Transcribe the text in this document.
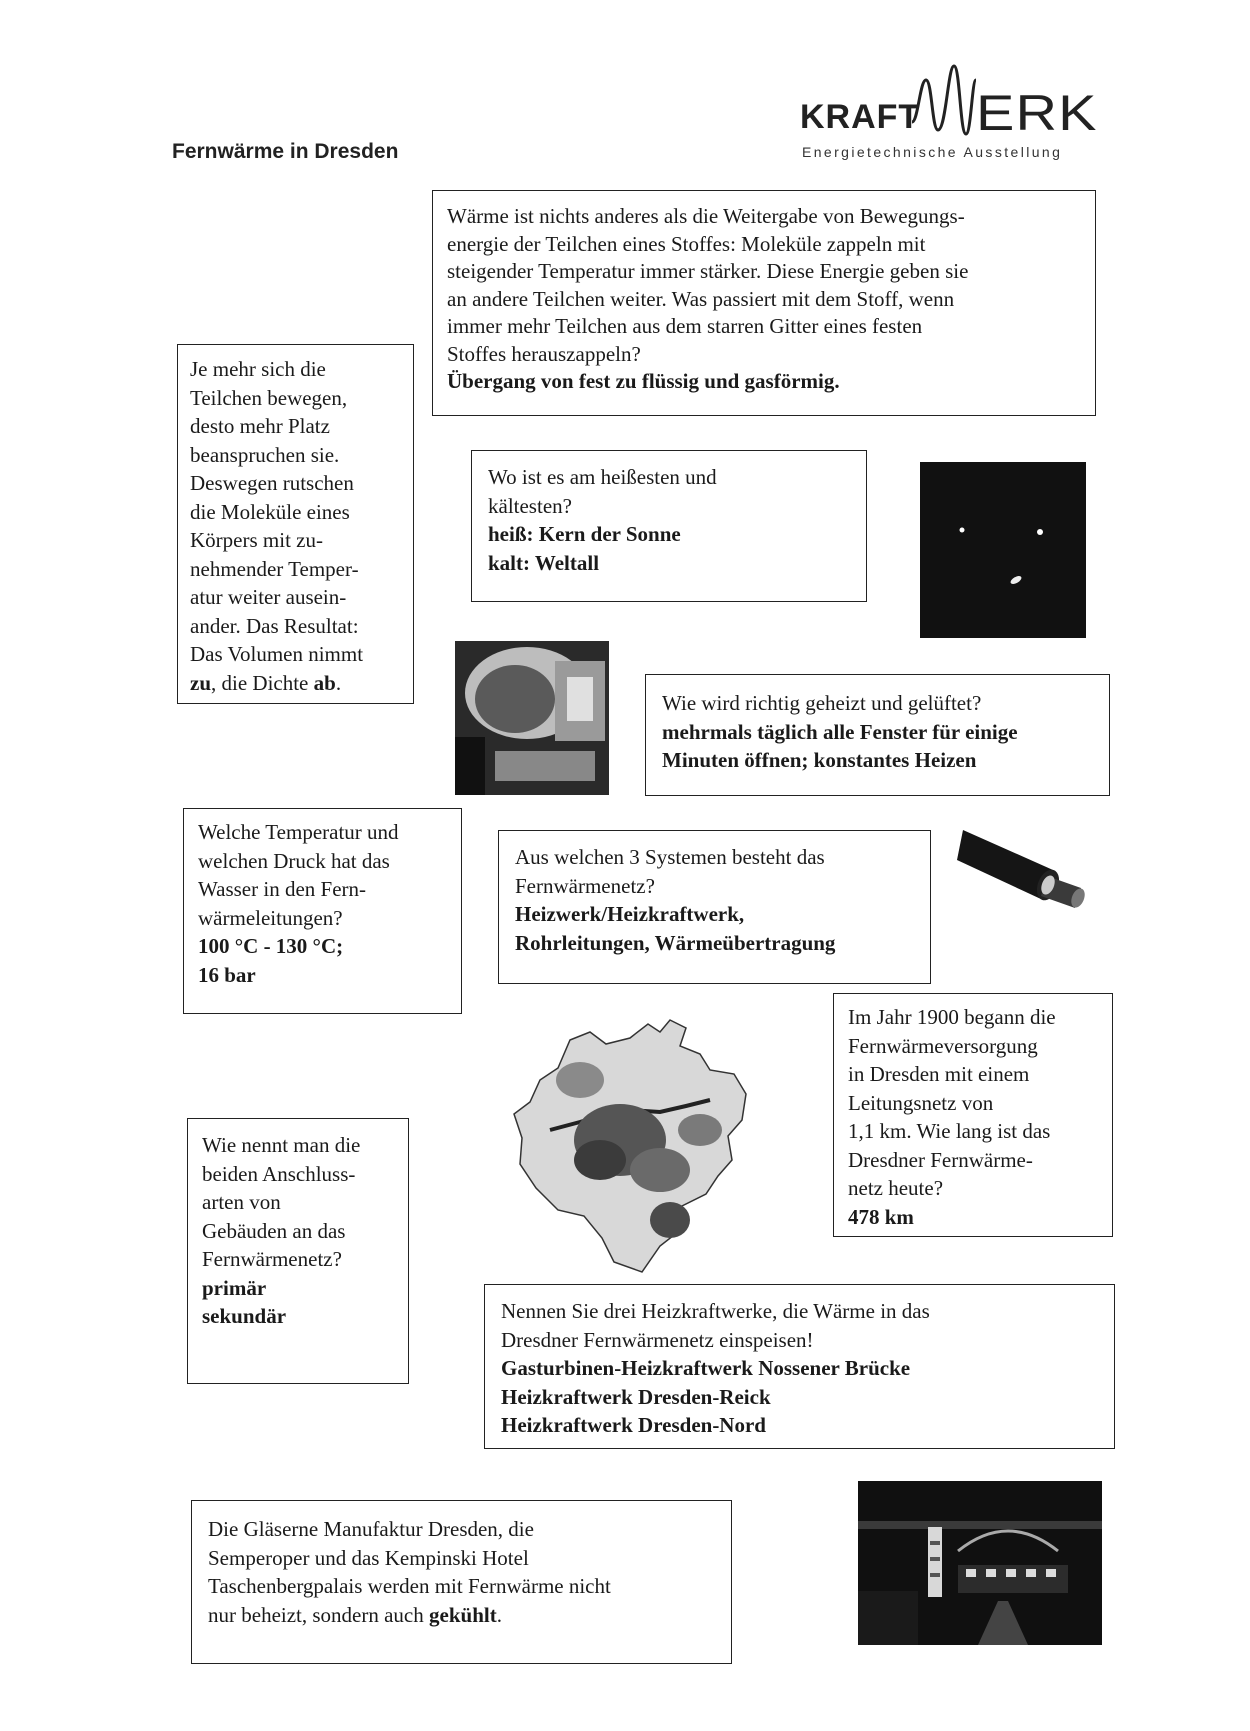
Fernwärme in Dresden
KRAFT ERK
Energietechnische Ausstellung
Wärme ist nichts anderes als die Weitergabe von Bewegungs-
energie der Teilchen eines Stoffes: Moleküle zappeln mit
steigender Temperatur immer stärker. Diese Energie geben sie
an andere Teilchen weiter. Was passiert mit dem Stoff, wenn
immer mehr Teilchen aus dem starren Gitter eines festen
Stoffes herauszappeln?
Übergang von fest zu flüssig und gasförmig.
Je mehr sich die
Teilchen bewegen,
desto mehr Platz
beanspruchen sie.
Deswegen rutschen
die Moleküle eines
Körpers mit zu-
nehmender Temper-
atur weiter ausein-
ander. Das Resultat:
Das Volumen nimmt
zu, die Dichte ab.
Wo ist es am heißesten und
kältesten?
heiß: Kern der Sonne
kalt: Weltall
Wie wird richtig geheizt und gelüftet?
mehrmals täglich alle Fenster für einige
Minuten öffnen; konstantes Heizen
Welche Temperatur und
welchen Druck hat das
Wasser in den Fern-
wärmeleitungen?
100 °C - 130 °C;
16 bar
Aus welchen 3 Systemen besteht das
Fernwärmenetz?
Heizwerk/Heizkraftwerk,
Rohrleitungen, Wärmeübertragung
Im Jahr 1900 begann die
Fernwärmeversorgung
in Dresden mit einem
Leitungsnetz von
1,1 km. Wie lang ist das
Dresdner Fernwärme-
netz heute?
478 km
Wie nennt man die
beiden Anschluss-
arten von
Gebäuden an das
Fernwärmenetz?
primär
sekundär	Nennen Sie drei Heizkraftwerke, die Wärme in das
Dresdner Fernwärmenetz einspeisen!
Gasturbinen-Heizkraftwerk Nossener Brücke
Heizkraftwerk Dresden-Reick
Heizkraftwerk Dresden-Nord
Die Gläserne Manufaktur Dresden, die
Semperoper und das Kempinski Hotel
Taschenbergpalais werden mit Fernwärme nicht
nur beheizt, sondern auch gekühlt.
